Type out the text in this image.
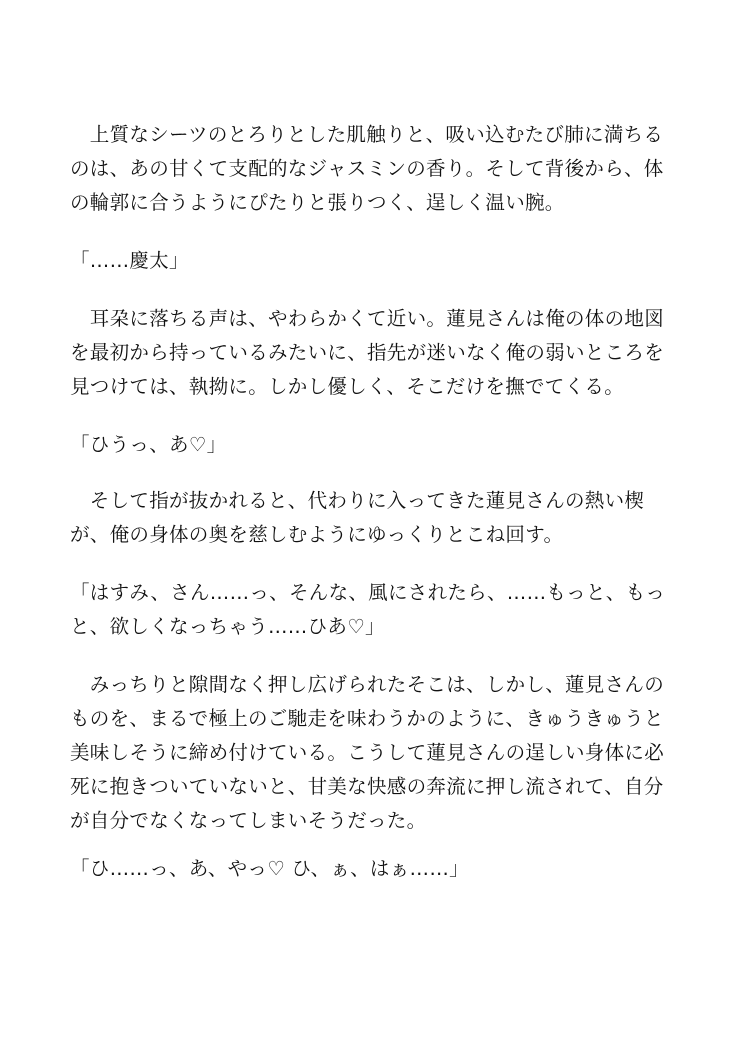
　上質なシーツのとろりとした肌触りと、吸い込むたび肺に満ちる
のは、あの甘くて支配的なジャスミンの香り。そして背後から、体
の輪郭に合うようにぴたりと張りつく、逞しく温い腕。
「……慶太」
　耳朶に落ちる声は、やわらかくて近い。蓮見さんは俺の体の地図
を最初から持っているみたいに、指先が迷いなく俺の弱いところを
見つけては、執拗に。しかし優しく、そこだけを撫でてくる。
「ひうっ、あ♡」
　そして指が抜かれると、代わりに入ってきた蓮見さんの熱い楔
が、俺の身体の奥を慈しむようにゆっくりとこね回す。
「はすみ、さん……っ、そんな、風にされたら、……もっと、もっ
と、欲しくなっちゃう……ひあ♡」
　みっちりと隙間なく押し広げられたそこは、しかし、蓮見さんの
ものを、まるで極上のご馳走を味わうかのように、きゅうきゅうと
美味しそうに締め付けている。こうして蓮見さんの逞しい身体に必
死に抱きついていないと、甘美な快感の奔流に押し流されて、自分
が自分でなくなってしまいそうだった。
「ひ……っ、あ、やっ♡ ひ、ぁ、はぁ……」
